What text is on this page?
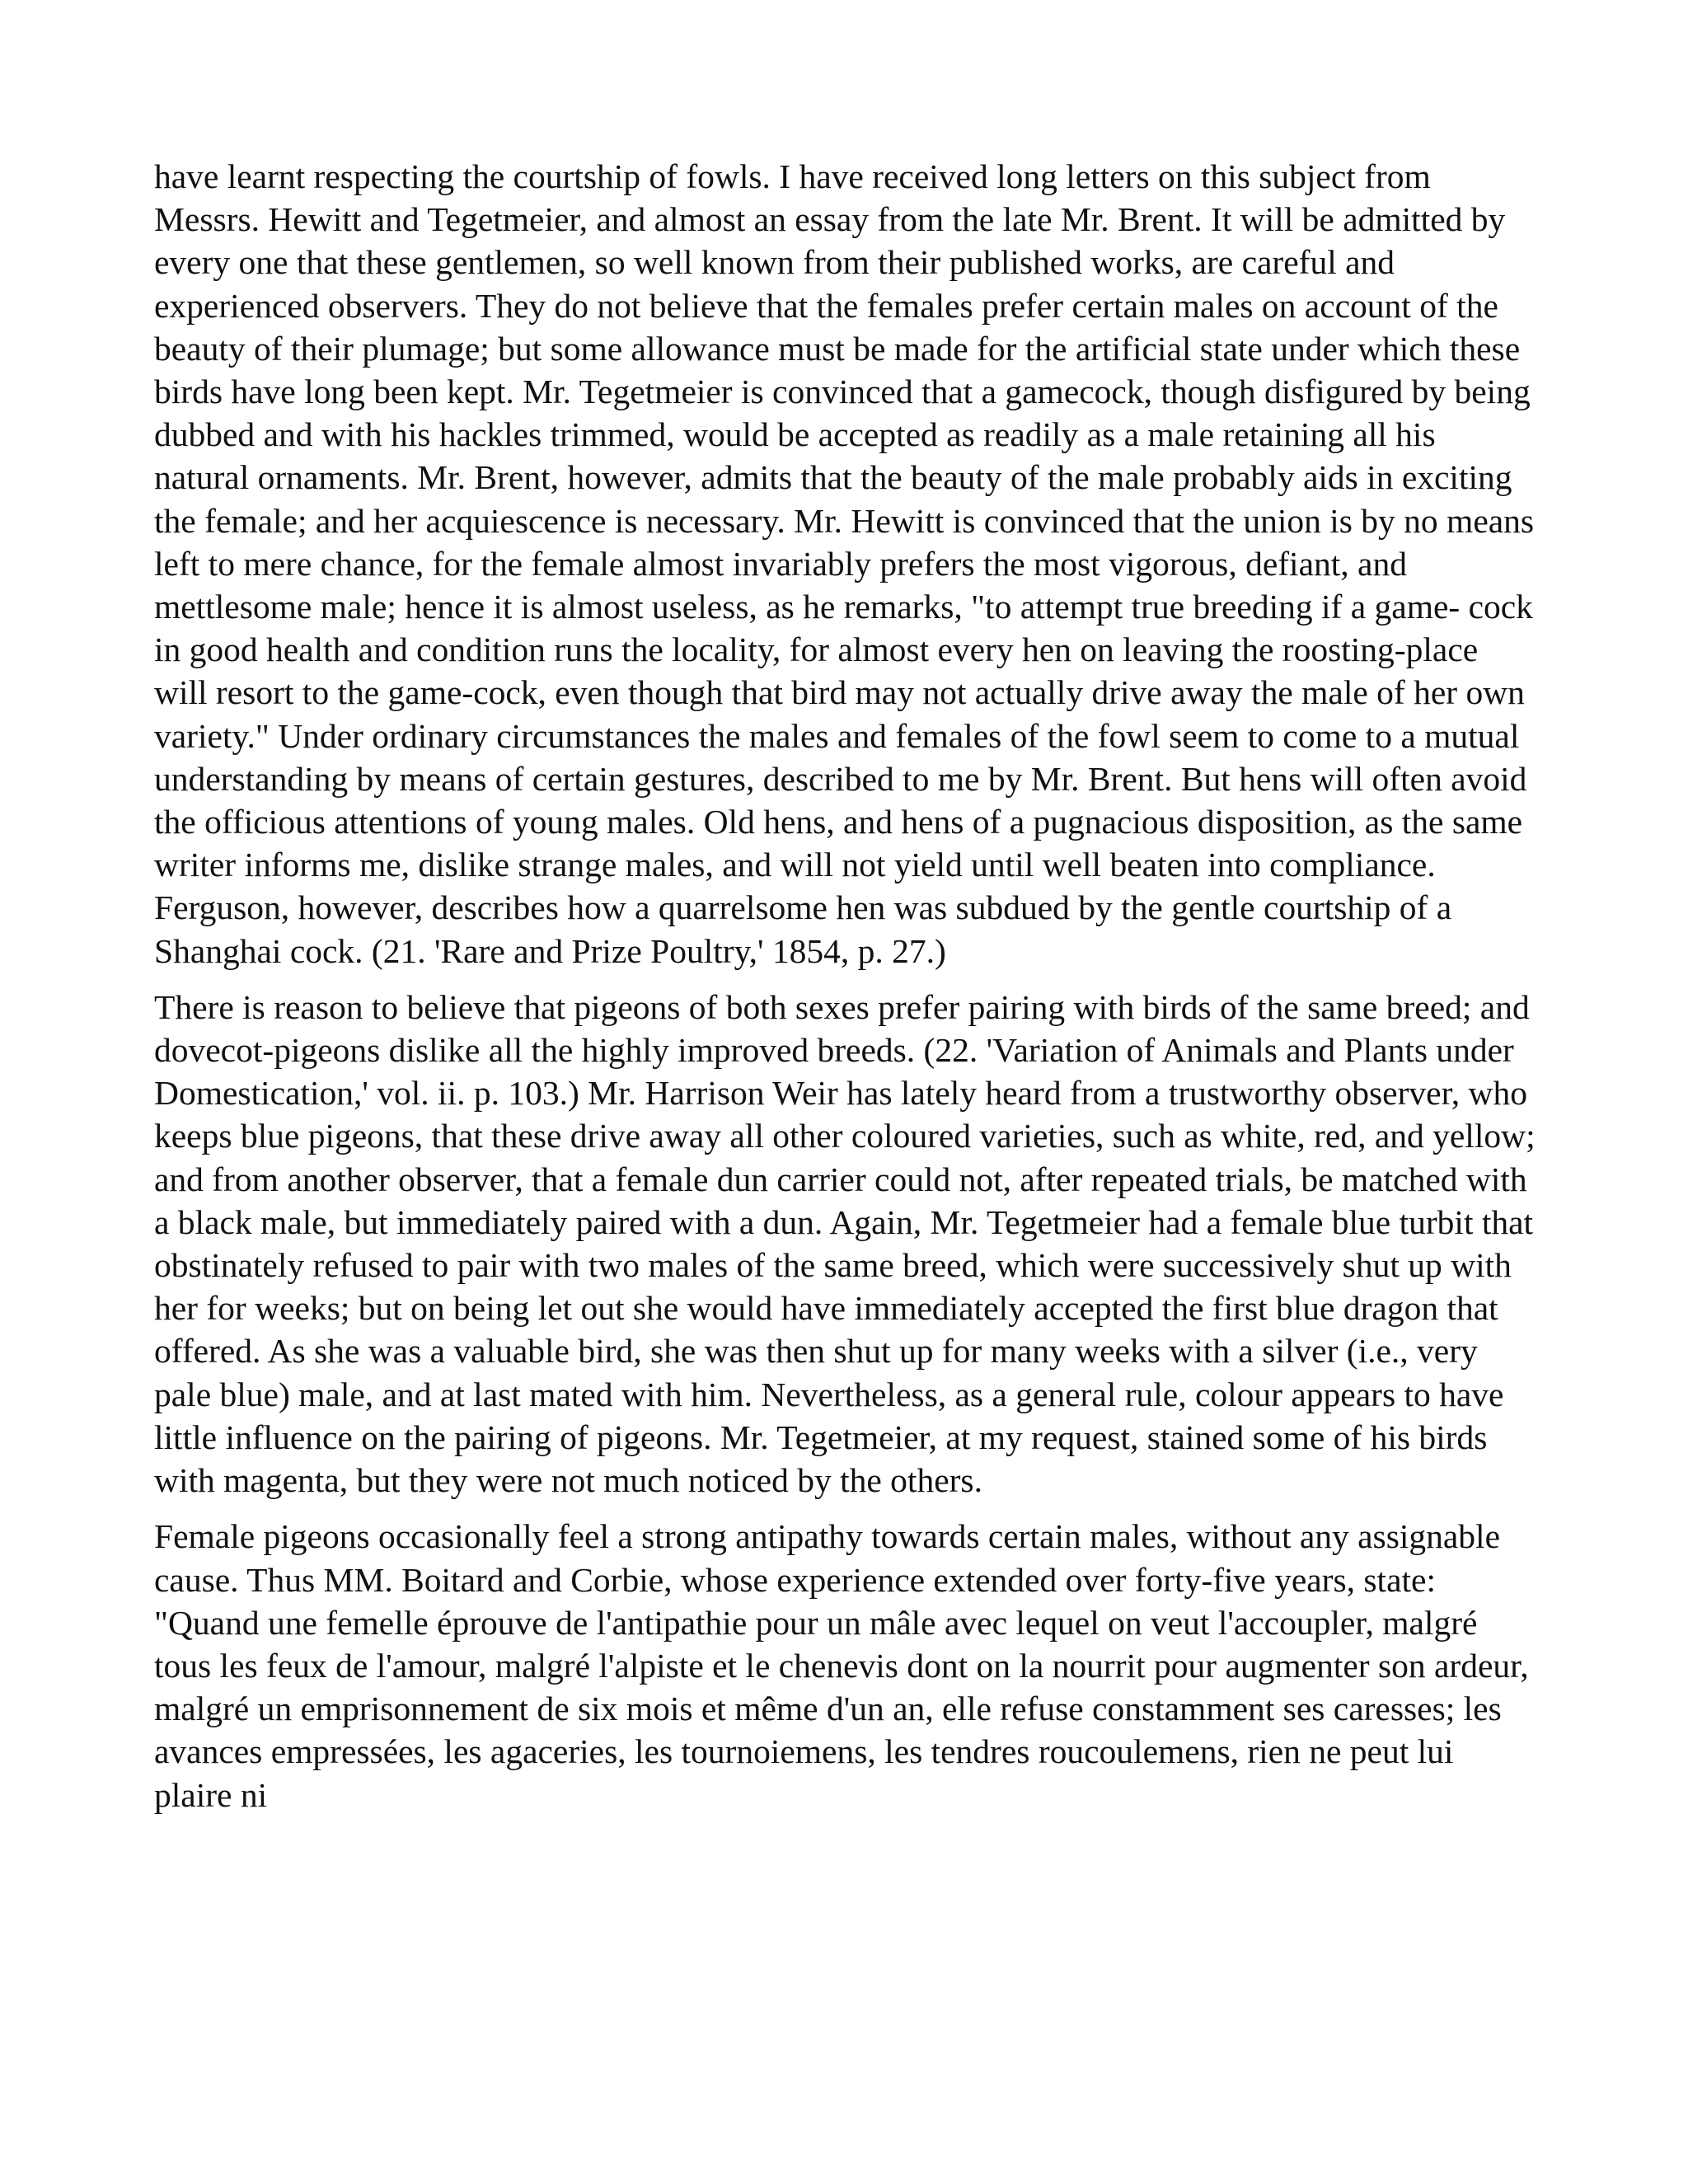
have learnt respecting the courtship of fowls. I have received long letters on this subject from Messrs. Hewitt and Tegetmeier, and almost an essay from the late Mr. Brent. It will be admitted by every one that these gentlemen, so well known from their published works, are careful and experienced observers. They do not believe that the females prefer certain males on account of the beauty of their plumage; but some allowance must be made for the artificial state under which these birds have long been kept. Mr. Tegetmeier is convinced that a gamecock, though disfigured by being dubbed and with his hackles trimmed, would be accepted as readily as a male retaining all his natural ornaments. Mr. Brent, however, admits that the beauty of the male probably aids in exciting the female; and her acquiescence is necessary. Mr. Hewitt is convinced that the union is by no means left to mere chance, for the female almost invariably prefers the most vigorous, defiant, and mettlesome male; hence it is almost useless, as he remarks, "to attempt true breeding if a game- cock in good health and condition runs the locality, for almost every hen on leaving the roosting-place will resort to the game-cock, even though that bird may not actually drive away the male of her own variety." Under ordinary circumstances the males and females of the fowl seem to come to a mutual understanding by means of certain gestures, described to me by Mr. Brent. But hens will often avoid the officious attentions of young males. Old hens, and hens of a pugnacious disposition, as the same writer informs me, dislike strange males, and will not yield until well beaten into compliance. Ferguson, however, describes how a quarrelsome hen was subdued by the gentle courtship of a Shanghai cock. (21. 'Rare and Prize Poultry,' 1854, p. 27.)

There is reason to believe that pigeons of both sexes prefer pairing with birds of the same breed; and dovecot-pigeons dislike all the highly improved breeds. (22. 'Variation of Animals and Plants under Domestication,' vol. ii. p. 103.) Mr. Harrison Weir has lately heard from a trustworthy observer, who keeps blue pigeons, that these drive away all other coloured varieties, such as white, red, and yellow; and from another observer, that a female dun carrier could not, after repeated trials, be matched with a black male, but immediately paired with a dun. Again, Mr. Tegetmeier had a female blue turbit that obstinately refused to pair with two males of the same breed, which were successively shut up with her for weeks; but on being let out she would have immediately accepted the first blue dragon that offered. As she was a valuable bird, she was then shut up for many weeks with a silver (i.e., very pale blue) male, and at last mated with him. Nevertheless, as a general rule, colour appears to have little influence on the pairing of pigeons. Mr. Tegetmeier, at my request, stained some of his birds with magenta, but they were not much noticed by the others.

Female pigeons occasionally feel a strong antipathy towards certain males, without any assignable cause. Thus MM. Boitard and Corbie, whose experience extended over forty-five years, state: "Quand une femelle éprouve de l'antipathie pour un mâle avec lequel on veut l'accoupler, malgré tous les feux de l'amour, malgré l'alpiste et le chenevis dont on la nourrit pour augmenter son ardeur, malgré un emprisonnement de six mois et même d'un an, elle refuse constamment ses caresses; les avances empressées, les agaceries, les tournoiemens, les tendres roucoulemens, rien ne peut lui plaire ni
